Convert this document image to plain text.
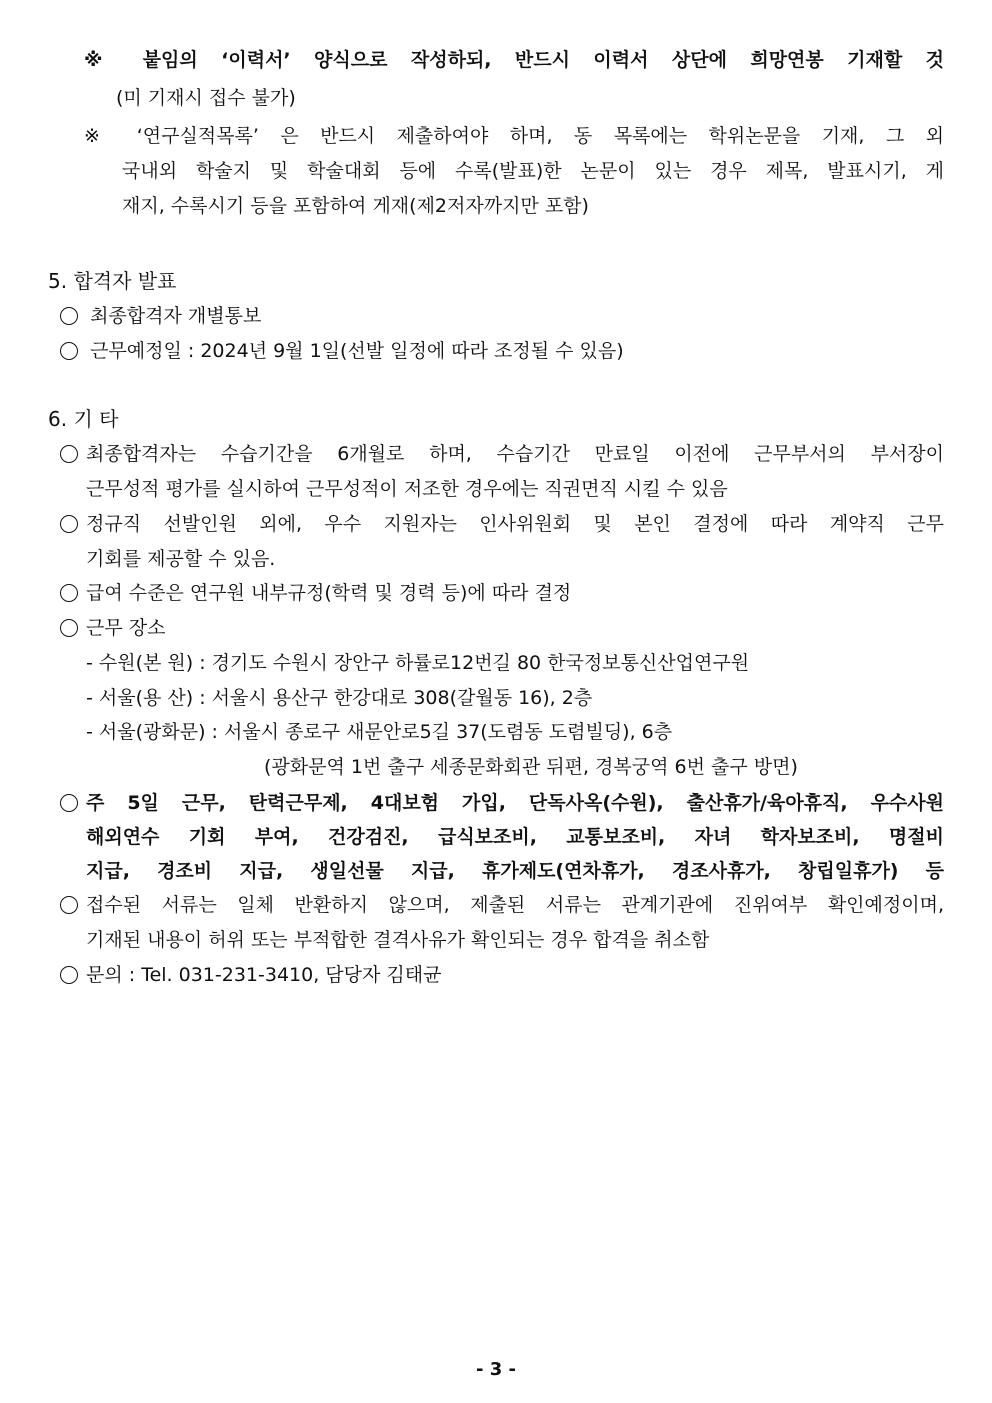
※ 붙임의 ‘이력서’ 양식으로 작성하되, 반드시 이력서 상단에 희망연봉 기재할 것
(미 기재시 접수 불가)
※ ‘연구실적목록’ 은 반드시 제출하여야 하며, 동 목록에는 학위논문을 기재, 그 외
국내외 학술지 및 학술대회 등에 수록(발표)한 논문이 있는 경우 제목, 발표시기, 게
재지, 수록시기 등을 포함하여 게재(제2저자까지만 포함)
5. 합격자 발표
최종합격자 개별통보
근무예정일 : 2024년 9월 1일(선발 일정에 따라 조정될 수 있음)
6. 기 타
최종합격자는 수습기간을 6개월로 하며, 수습기간 만료일 이전에 근무부서의 부서장이
근무성적 평가를 실시하여 근무성적이 저조한 경우에는 직권면직 시킬 수 있음
정규직 선발인원 외에, 우수 지원자는 인사위원회 및 본인 결정에 따라 계약직 근무
기회를 제공할 수 있음.
급여 수준은 연구원 내부규정(학력 및 경력 등)에 따라 결정
근무 장소
- 수원(본 원) : 경기도 수원시 장안구 하률로12번길 80 한국정보통신산업연구원
- 서울(용 산) : 서울시 용산구 한강대로 308(갈월동 16), 2층
- 서울(광화문) : 서울시 종로구 새문안로5길 37(도렴동 도렴빌딩), 6층
(광화문역 1번 출구 세종문화회관 뒤편, 경복궁역 6번 출구 방면)
주 5일 근무, 탄력근무제, 4대보험 가입, 단독사옥(수원), 출산휴가/육아휴직, 우수사원
해외연수 기회 부여, 건강검진, 급식보조비, 교통보조비, 자녀 학자보조비, 명절비
지급, 경조비 지급, 생일선물 지급, 휴가제도(연차휴가, 경조사휴가, 창립일휴가) 등
접수된 서류는 일체 반환하지 않으며, 제출된 서류는 관계기관에 진위여부 확인예정이며,
기재된 내용이 허위 또는 부적합한 결격사유가 확인되는 경우 합격을 취소함
문의 : Tel. 031-231-3410, 담당자 김태균
- 3 -
